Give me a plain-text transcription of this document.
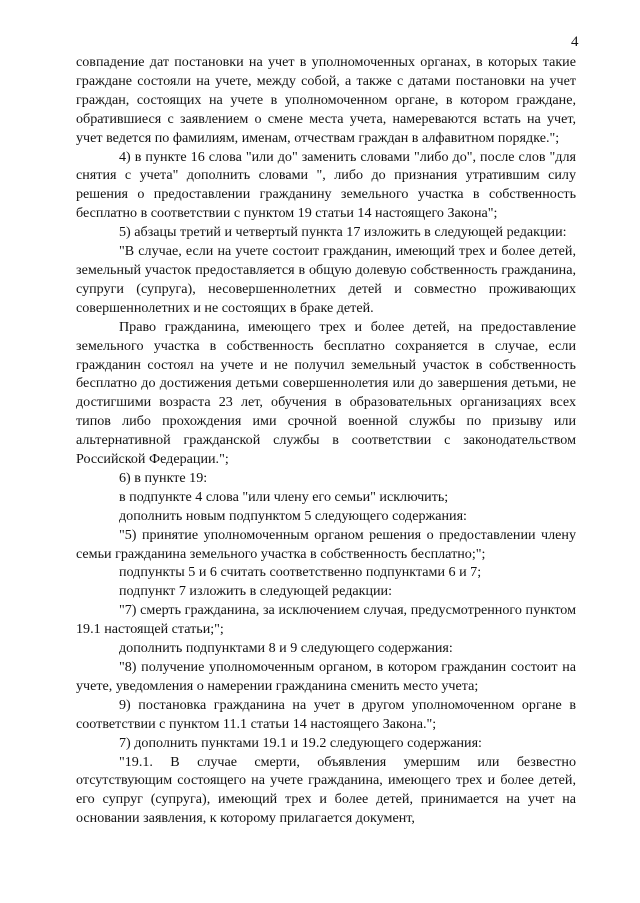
4

совпадение дат постановки на учет в уполномоченных органах, в которых такие граждане состояли на учете, между собой, а также с датами постановки на учет граждан, состоящих на учете в уполномоченном органе, в котором граждане, обратившиеся с заявлением о смене места учета, намереваются встать на учет, учет ведется по фамилиям, именам, отчествам граждан в алфавитном порядке.";

4) в пункте 16 слова "или до" заменить словами "либо до", после слов "для снятия с учета" дополнить словами ", либо до признания утратившим силу решения о предоставлении гражданину земельного участка в собственность бесплатно в соответствии с пунктом 19 статьи 14 настоящего Закона";

5) абзацы третий и четвертый пункта 17 изложить в следующей редакции:

"В случае, если на учете состоит гражданин, имеющий трех и более детей, земельный участок предоставляется в общую долевую собственность гражданина, супруги (супруга), несовершеннолетних детей и совместно проживающих совершеннолетних и не состоящих в браке детей.

Право гражданина, имеющего трех и более детей, на предоставление земельного участка в собственность бесплатно сохраняется в случае, если гражданин состоял на учете и не получил земельный участок в собственность бесплатно до достижения детьми совершеннолетия или до завершения детьми, не достигшими возраста 23 лет, обучения в образовательных организациях всех типов либо прохождения ими срочной военной службы по призыву или альтернативной гражданской службы в соответствии с законодательством Российской Федерации.";

6) в пункте 19:

в подпункте 4 слова "или члену его семьи" исключить;

дополнить новым подпунктом 5 следующего содержания:

"5) принятие уполномоченным органом решения о предоставлении члену семьи гражданина земельного участка в собственность бесплатно;";

подпункты 5 и 6 считать соответственно подпунктами 6 и 7;

подпункт 7 изложить в следующей редакции:

"7) смерть гражданина, за исключением случая, предусмотренного пунктом 19.1 настоящей статьи;";

дополнить подпунктами 8 и 9 следующего содержания:

"8) получение уполномоченным органом, в котором гражданин состоит на учете, уведомления о намерении гражданина сменить место учета;

9) постановка гражданина на учет в другом уполномоченном органе в соответствии с пунктом 11.1 статьи 14 настоящего Закона.";

7) дополнить пунктами 19.1 и 19.2 следующего содержания:

"19.1. В случае смерти, объявления умершим или безвестно отсутствующим состоящего на учете гражданина, имеющего трех и более детей, его супруг (супруга), имеющий трех и более детей, принимается на учет на основании заявления, к которому прилагается документ,
